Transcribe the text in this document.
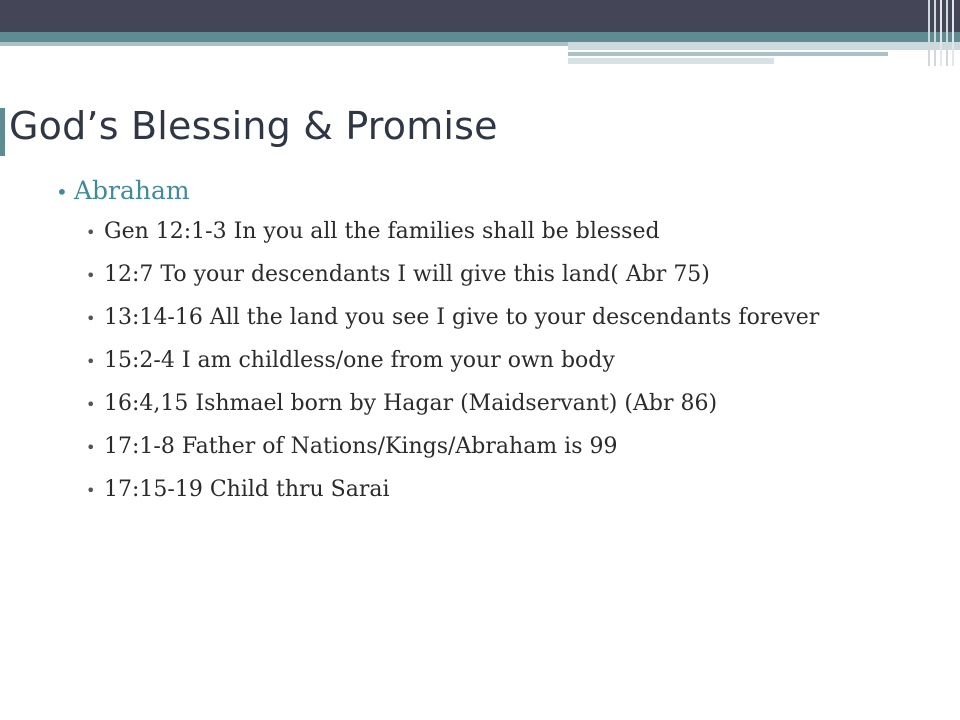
God’s Blessing & Promise
• Abraham
• Gen 12:1-3 In you all the families shall be blessed
• 12:7 To your descendants I will give this land( Abr 75)
• 13:14-16 All the land you see I give to your descendants forever
• 15:2-4 I am childless/one from your own body
• 16:4,15 Ishmael born by Hagar (Maidservant) (Abr 86)
• 17:1-8 Father of Nations/Kings/Abraham is 99
• 17:15-19 Child thru Sarai
